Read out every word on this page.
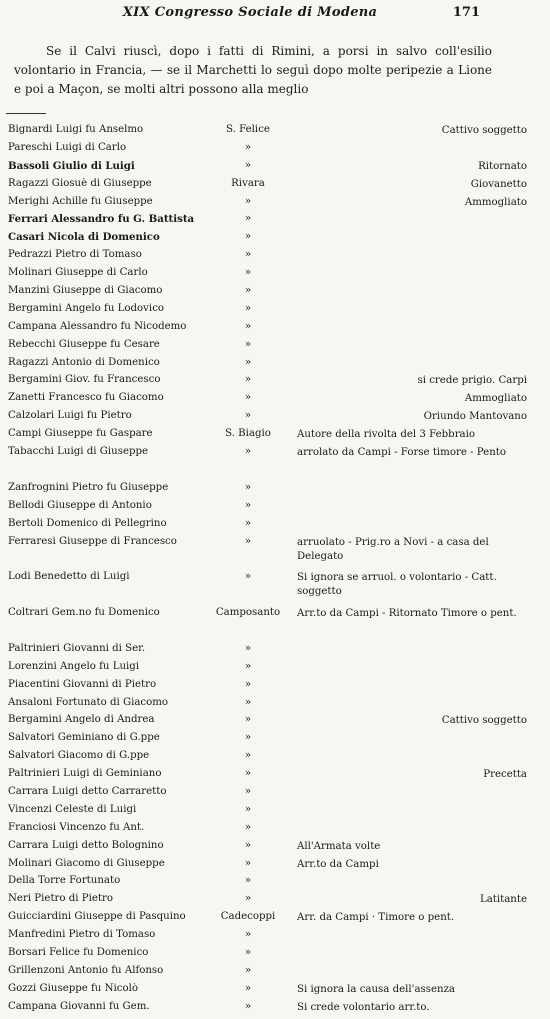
XIX Congresso Sociale di Modena	171

Se il Calvi riuscì, dopo i fatti di Rimini, a porsi in salvo coll'esilio volontario in Francia, — se il Marchetti lo seguì dopo molte peripezie a Lione e poi a Maçon, se molti altri possono alla meglio

Bignardi Luigi fu Anselmo	S. Felice	Cattivo soggetto
Pareschi Luigi di Carlo	»
Bassoli Giulio di Luigi	»	Ritornato
Ragazzi Giosuè di Giuseppe	Rivara	Giovanetto
Merighi Achille fu Giuseppe	»	Ammogliato
Ferrari Alessandro fu G. Battista	»
Casari Nicola di Domenico	»
Pedrazzi Pietro di Tomaso	»
Molinari Giuseppe di Carlo	»
Manzini Giuseppe di Giacomo	»
Bergamini Angelo fu Lodovico	»
Campana Alessandro fu Nicodemo	»
Rebecchi Giuseppe fu Cesare	»
Ragazzi Antonio di Domenico	»
Bergamini Giov. fu Francesco	»	si crede prigio. Carpi
Zanetti Francesco fu Giacomo	»	Ammogliato
Calzolari Luigi fu Pietro	»	Oriundo Mantovano
Campi Giuseppe fu Gaspare	S. Biagio	Autore della rivolta del 3 Febbraio
Tabacchi Luigi di Giuseppe	»	arrolato da Campi - Forse timore - Pento
Zanfrognini Pietro fu Giuseppe	»
Bellodi Giuseppe di Antonio	»
Bertoli Domenico di Pellegrino	»
Ferraresi Giuseppe di Francesco	»	arruolato - Prig.ro a Novi - a casa del Delegato
Lodi Benedetto di Luigi	»	Si ignora se arruol. o volontario - Catt. soggetto
Coltrari Gem.no fu Domenico	Camposanto	Arr.to da Campi - Ritornato Timore o pent.
Paltrinieri Giovanni di Ser.	»
Lorenzini Angelo fu Luigi	»
Piacentini Giovanni di Pietro	»
Ansaloni Fortunato di Giacomo	»
Bergamini Angelo di Andrea	»	Cattivo soggetto
Salvatori Geminiano di G.ppe	»
Salvatori Giacomo di G.ppe	»
Paltrinieri Luigi di Geminiano	»	Precetta
Carrara Luigi detto Carraretto	»
Vincenzi Celeste di Luigi	»
Franciosi Vincenzo fu Ant.	»
Carrara Luigi detto Bolognino	»	All'Armata volte
Molinari Giacomo di Giuseppe	»	Arr.to da Campi
Della Torre Fortunato	»
Neri Pietro di Pietro	»	Latitante
Guicciardini Giuseppe di Pasquino	Cadecoppi	Arr. da Campi · Timore o pent.
Manfredini Pietro di Tomaso	»
Borsari Felice fu Domenico	»
Grillenzoni Antonio fu Alfonso	»
Gozzi Giuseppe fu Nicolò	»	Si ignora la causa dell'assenza
Campana Giovanni fu Gem.	»	Si crede volontario arr.to.
